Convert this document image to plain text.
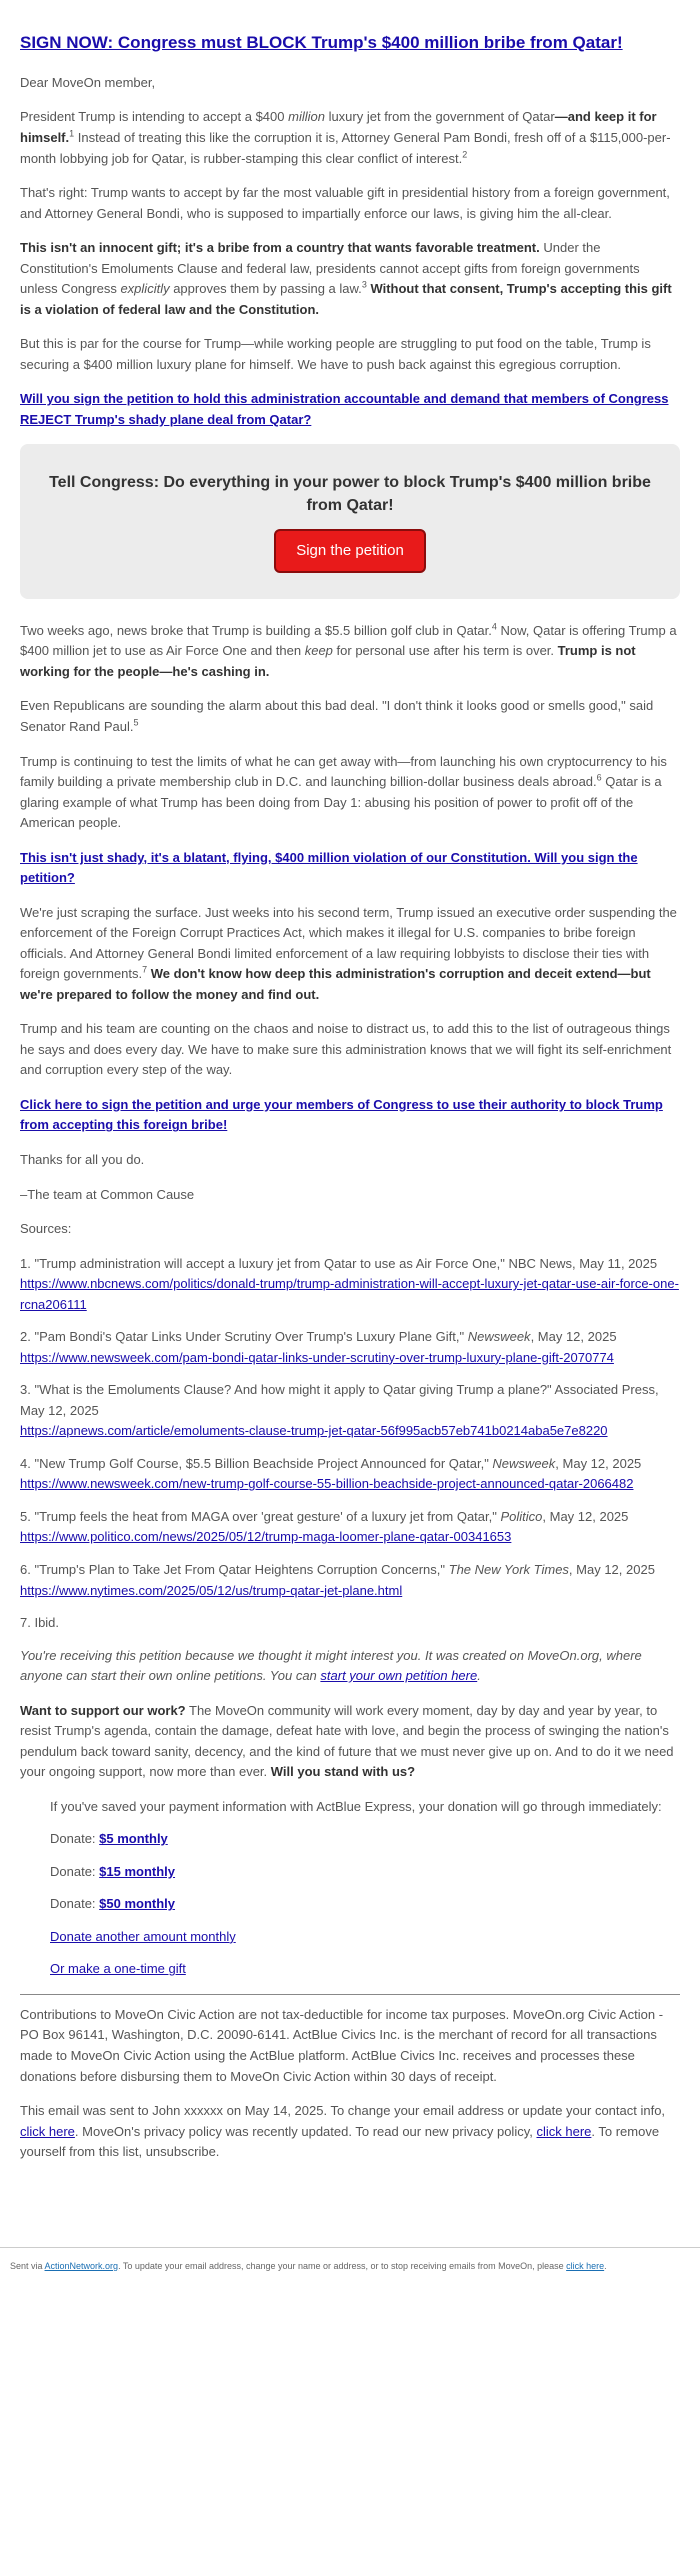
SIGN NOW: Congress must BLOCK Trump's $400 million bribe from Qatar!

Dear MoveOn member,

President Trump is intending to accept a $400 million luxury jet from the government of Qatar—and keep it for himself.$^1$ Instead of treating this like the corruption it is, Attorney General Pam Bondi, fresh off of a $115,000-per-month lobbying job for Qatar, is rubber-stamping this clear conflict of interest.$^2$

That's right: Trump wants to accept by far the most valuable gift in presidential history from a foreign government, and Attorney General Bondi, who is supposed to impartially enforce our laws, is giving him the all-clear.

This isn't an innocent gift; it's a bribe from a country that wants favorable treatment. Under the Constitution's Emoluments Clause and federal law, presidents cannot accept gifts from foreign governments unless Congress explicitly approves them by passing a law.$^3$ Without that consent, Trump's accepting this gift is a violation of federal law and the Constitution.

But this is par for the course for Trump—while working people are struggling to put food on the table, Trump is securing a $400 million luxury plane for himself. We have to push back against this egregious corruption.

Will you sign the petition to hold this administration accountable and demand that members of Congress REJECT Trump's shady plane deal from Qatar?

Tell Congress: Do everything in your power to block Trump's $400 million bribe from Qatar!
Sign the petition

Two weeks ago, news broke that Trump is building a $5.5 billion golf club in Qatar.$^4$ Now, Qatar is offering Trump a $400 million jet to use as Air Force One and then keep for personal use after his term is over. Trump is not working for the people—he's cashing in.

Even Republicans are sounding the alarm about this bad deal. "I don't think it looks good or smells good," said Senator Rand Paul.$^5$

Trump is continuing to test the limits of what he can get away with—from launching his own cryptocurrency to his family building a private membership club in D.C. and launching billion-dollar business deals abroad.$^6$ Qatar is a glaring example of what Trump has been doing from Day 1: abusing his position of power to profit off of the American people.

This isn't just shady, it's a blatant, flying, $400 million violation of our Constitution. Will you sign the petition?

We're just scraping the surface. Just weeks into his second term, Trump issued an executive order suspending the enforcement of the Foreign Corrupt Practices Act, which makes it illegal for U.S. companies to bribe foreign officials. And Attorney General Bondi limited enforcement of a law requiring lobbyists to disclose their ties with foreign governments.$^7$ We don't know how deep this administration's corruption and deceit extend—but we're prepared to follow the money and find out.

Trump and his team are counting on the chaos and noise to distract us, to add this to the list of outrageous things he says and does every day. We have to make sure this administration knows that we will fight its self-enrichment and corruption every step of the way.

Click here to sign the petition and urge your members of Congress to use their authority to block Trump from accepting this foreign bribe!

Thanks for all you do.

–The team at Common Cause

Sources:

1. "Trump administration will accept a luxury jet from Qatar to use as Air Force One," NBC News, May 11, 2025
https://www.nbcnews.com/politics/donald-trump/trump-administration-will-accept-luxury-jet-qatar-use-air-force-one-rcna206111

2. "Pam Bondi's Qatar Links Under Scrutiny Over Trump's Luxury Plane Gift," Newsweek, May 12, 2025
https://www.newsweek.com/pam-bondi-qatar-links-under-scrutiny-over-trump-luxury-plane-gift-2070774

3. "What is the Emoluments Clause? And how might it apply to Qatar giving Trump a plane?" Associated Press, May 12, 2025
https://apnews.com/article/emoluments-clause-trump-jet-qatar-56f995acb57eb741b0214aba5e7e8220

4. "New Trump Golf Course, $5.5 Billion Beachside Project Announced for Qatar," Newsweek, May 12, 2025
https://www.newsweek.com/new-trump-golf-course-55-billion-beachside-project-announced-qatar-2066482

5. "Trump feels the heat from MAGA over 'great gesture' of a luxury jet from Qatar," Politico, May 12, 2025
https://www.politico.com/news/2025/05/12/trump-maga-loomer-plane-qatar-00341653

6. "Trump's Plan to Take Jet From Qatar Heightens Corruption Concerns," The New York Times, May 12, 2025
https://www.nytimes.com/2025/05/12/us/trump-qatar-jet-plane.html

7. Ibid.

You're receiving this petition because we thought it might interest you. It was created on MoveOn.org, where anyone can start their own online petitions. You can start your own petition here.

Want to support our work? The MoveOn community will work every moment, day by day and year by year, to resist Trump's agenda, contain the damage, defeat hate with love, and begin the process of swinging the nation's pendulum back toward sanity, decency, and the kind of future that we must never give up on. And to do it we need your ongoing support, now more than ever. Will you stand with us?

If you've saved your payment information with ActBlue Express, your donation will go through immediately:

Donate: $5 monthly

Donate: $15 monthly

Donate: $50 monthly

Donate another amount monthly

Or make a one-time gift

Contributions to MoveOn Civic Action are not tax-deductible for income tax purposes. MoveOn.org Civic Action - PO Box 96141, Washington, D.C. 20090-6141. ActBlue Civics Inc. is the merchant of record for all transactions made to MoveOn Civic Action using the ActBlue platform. ActBlue Civics Inc. receives and processes these donations before disbursing them to MoveOn Civic Action within 30 days of receipt.

This email was sent to John xxxxxx on May 14, 2025. To change your email address or update your contact info, click here. MoveOn's privacy policy was recently updated. To read our new privacy policy, click here. To remove yourself from this list, unsubscribe.

Sent via ActionNetwork.org. To update your email address, change your name or address, or to stop receiving emails from MoveOn, please click here.
